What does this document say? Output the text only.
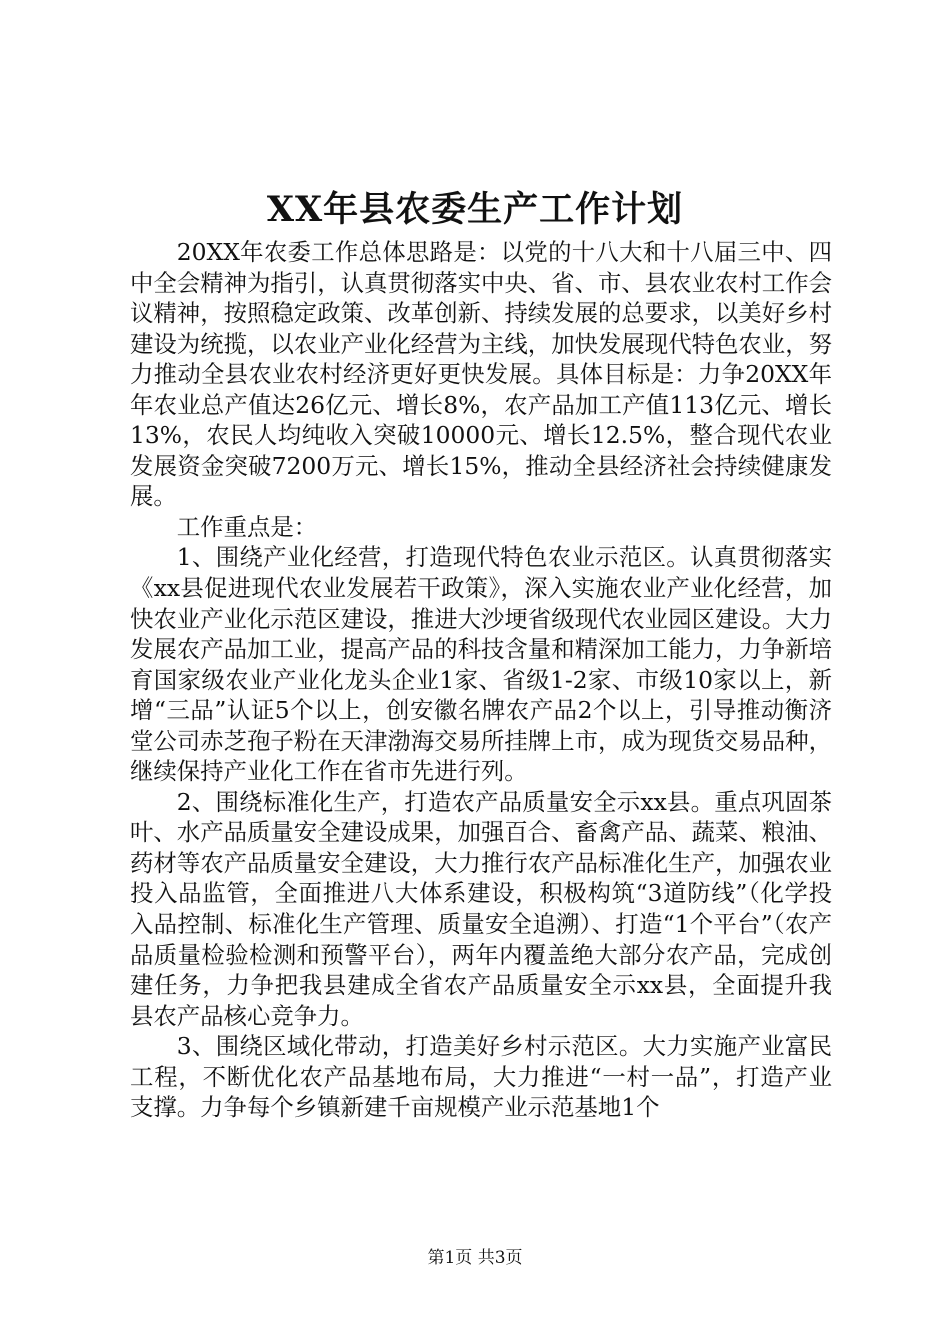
XX年县农委生产工作计划

20XX年农委工作总体思路是：以党的十八大和十八届三中、四中全会精神为指引，认真贯彻落实中央、省、市、县农业农村工作会议精神，按照稳定政策、改革创新、持续发展的总要求，以美好乡村建设为统揽，以农业产业化经营为主线，加快发展现代特色农业，努力推动全县农业农村经济更好更快发展。具体目标是：力争20XX年年农业总产值达26亿元、增长8%，农产品加工产值113亿元、增长13%，农民人均纯收入突破10000元、增长12.5%，整合现代农业发展资金突破7200万元、增长15%，推动全县经济社会持续健康发展。

工作重点是：

1、围绕产业化经营，打造现代特色农业示范区。认真贯彻落实《xx县促进现代农业发展若干政策》，深入实施农业产业化经营，加快农业产业化示范区建设，推进大沙埂省级现代农业园区建设。大力发展农产品加工业，提高产品的科技含量和精深加工能力，力争新培育国家级农业产业化龙头企业1家、省级1-2家、市级10家以上，新增“三品”认证5个以上，创安徽名牌农产品2个以上，引导推动衡济堂公司赤芝孢子粉在天津渤海交易所挂牌上市，成为现货交易品种，继续保持产业化工作在省市先进行列。

2、围绕标准化生产，打造农产品质量安全示xx县。重点巩固茶叶、水产品质量安全建设成果，加强百合、畜禽产品、蔬菜、粮油、药材等农产品质量安全建设，大力推行农产品标准化生产，加强农业投入品监管，全面推进八大体系建设，积极构筑“3道防线”（化学投入品控制、标准化生产管理、质量安全追溯）、打造“1个平台”（农产品质量检验检测和预警平台），两年内覆盖绝大部分农产品，完成创建任务，力争把我县建成全省农产品质量安全示xx县，全面提升我县农产品核心竞争力。

3、围绕区域化带动，打造美好乡村示范区。大力实施产业富民工程，不断优化农产品基地布局，大力推进“一村一品”，打造产业支撑。力争每个乡镇新建千亩规模产业示范基地1个

第1页 共3页
